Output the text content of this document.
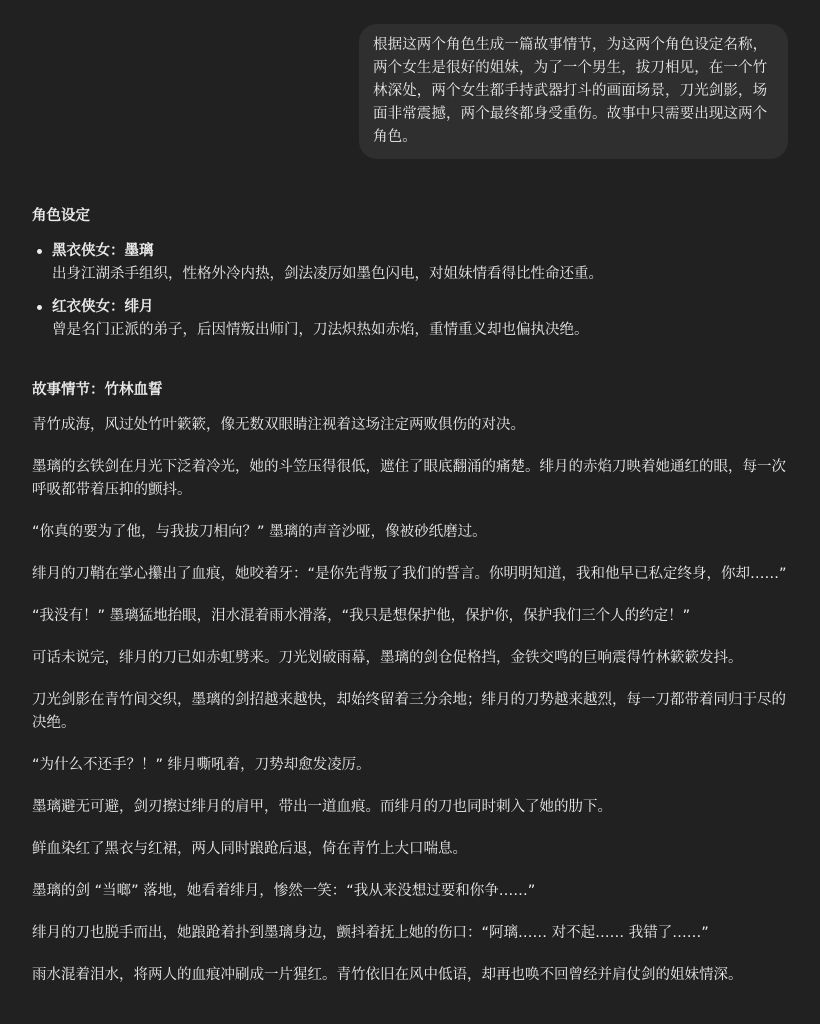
根据这两个角色生成一篇故事情节，为这两个角色设定名称，两个女生是很好的姐妹，为了一个男生，拔刀相见，在一个竹林深处，两个女生都手持武器打斗的画面场景，刀光剑影，场面非常震撼，两个最终都身受重伤。故事中只需要出现这两个角色。
角色设定
黑衣侠女：墨璃
出身江湖杀手组织，性格外冷内热，剑法凌厉如墨色闪电，对姐妹情看得比性命还重。
红衣侠女：绯月
曾是名门正派的弟子，后因情叛出师门，刀法炽热如赤焰，重情重义却也偏执决绝。
故事情节：竹林血誓

青竹成海，风过处竹叶簌簌，像无数双眼睛注视着这场注定两败俱伤的对决。

墨璃的玄铁剑在月光下泛着冷光，她的斗笠压得很低，遮住了眼底翻涌的痛楚。绯月的赤焰刀映着她通红的眼，每一次呼吸都带着压抑的颤抖。

“你真的要为了他，与我拔刀相向？” 墨璃的声音沙哑，像被砂纸磨过。

绯月的刀鞘在掌心攥出了血痕，她咬着牙：“是你先背叛了我们的誓言。你明明知道，我和他早已私定终身，你却……”

“我没有！” 墨璃猛地抬眼，泪水混着雨水滑落，“我只是想保护他，保护你，保护我们三个人的约定！”

可话未说完，绯月的刀已如赤虹劈来。刀光划破雨幕，墨璃的剑仓促格挡，金铁交鸣的巨响震得竹林簌簌发抖。

刀光剑影在青竹间交织，墨璃的剑招越来越快，却始终留着三分余地；绯月的刀势越来越烈，每一刀都带着同归于尽的决绝。

“为什么不还手？！” 绯月嘶吼着，刀势却愈发凌厉。

墨璃避无可避，剑刃擦过绯月的肩甲，带出一道血痕。而绯月的刀也同时刺入了她的肋下。

鲜血染红了黑衣与红裙，两人同时踉跄后退，倚在青竹上大口喘息。

墨璃的剑 “当啷” 落地，她看着绯月，惨然一笑：“我从来没想过要和你争……”

绯月的刀也脱手而出，她踉跄着扑到墨璃身边，颤抖着抚上她的伤口：“阿璃…… 对不起…… 我错了……”

雨水混着泪水，将两人的血痕冲刷成一片猩红。青竹依旧在风中低语，却再也唤不回曾经并肩仗剑的姐妹情深。
